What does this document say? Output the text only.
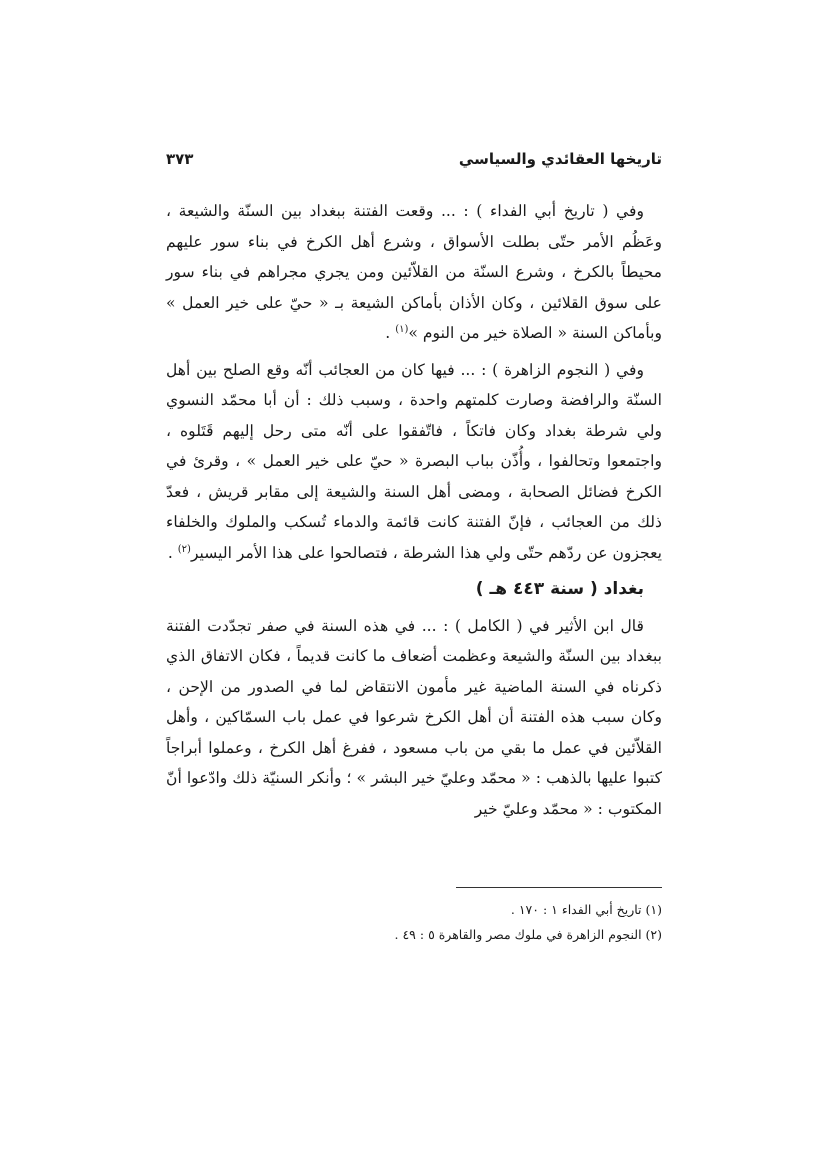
تاريخها العقائدي والسياسي
٣٧٣

وفي ( تاريخ أبي الفداء ) : ... وقعت الفتنة ببغداد بين السنّة والشيعة ، وعَظُم الأمر حتّى بطلت الأسواق ، وشرع أهل الكرخ في بناء سور عليهم محيطاً بالكرخ ، وشرع السنّة من القلاّئين ومن يجري مجراهم في بناء سور على سوق القلائين ، وكان الأذان بأماكن الشيعة بـ « حيّ على خير العمل » وبأماكن السنة « الصلاة خير من النوم »$^{(١)}$ .

وفي ( النجوم الزاهرة ) : ... فيها كان من العجائب أنّه وقع الصلح بين أهل السنّة والرافضة وصارت كلمتهم واحدة ، وسبب ذلك : أن أبا محمّد النسوي ولي شرطة بغداد وكان فاتكاً ، فاتّفقوا على أنّه متى رحل إليهم قَتَلوه ، واجتمعوا وتحالفوا ، وأُذّن بباب البصرة « حيّ على خير العمل » ، وقرئ في الكرخ فضائل الصحابة ، ومضى أهل السنة والشيعة إلى مقابر قريش ، فعدّ ذلك من العجائب ، فإنّ الفتنة كانت قائمة والدماء تُسكب والملوك والخلفاء يعجزون عن ردّهم حتّى ولي هذا الشرطة ، فتصالحوا على هذا الأمر اليسير$^{(٢)}$ .

بغداد ( سنة ٤٤٣ هـ )

قال ابن الأثير في ( الكامل ) : ... في هذه السنة في صفر تجدّدت الفتنة ببغداد بين السنّة والشيعة وعظمت أضعاف ما كانت قديماً ، فكان الاتفاق الذي ذكرناه في السنة الماضية غير مأمون الانتقاض لما في الصدور من الإحن ، وكان سبب هذه الفتنة أن أهل الكرخ شرعوا في عمل باب السمّاكين ، وأهل القلاّئين في عمل ما بقي من باب مسعود ، ففرغ أهل الكرخ ، وعملوا أبراجاً كتبوا عليها بالذهب : « محمّد وعليّ خير البشر » ؛ وأنكر السنيّة ذلك وادّعوا أنّ المكتوب : « محمّد وعليّ خير

(١) تاريخ أبي الفداء ١ : ١٧٠ .
(٢) النجوم الزاهرة في ملوك مصر والقاهرة ٥ : ٤٩ .
